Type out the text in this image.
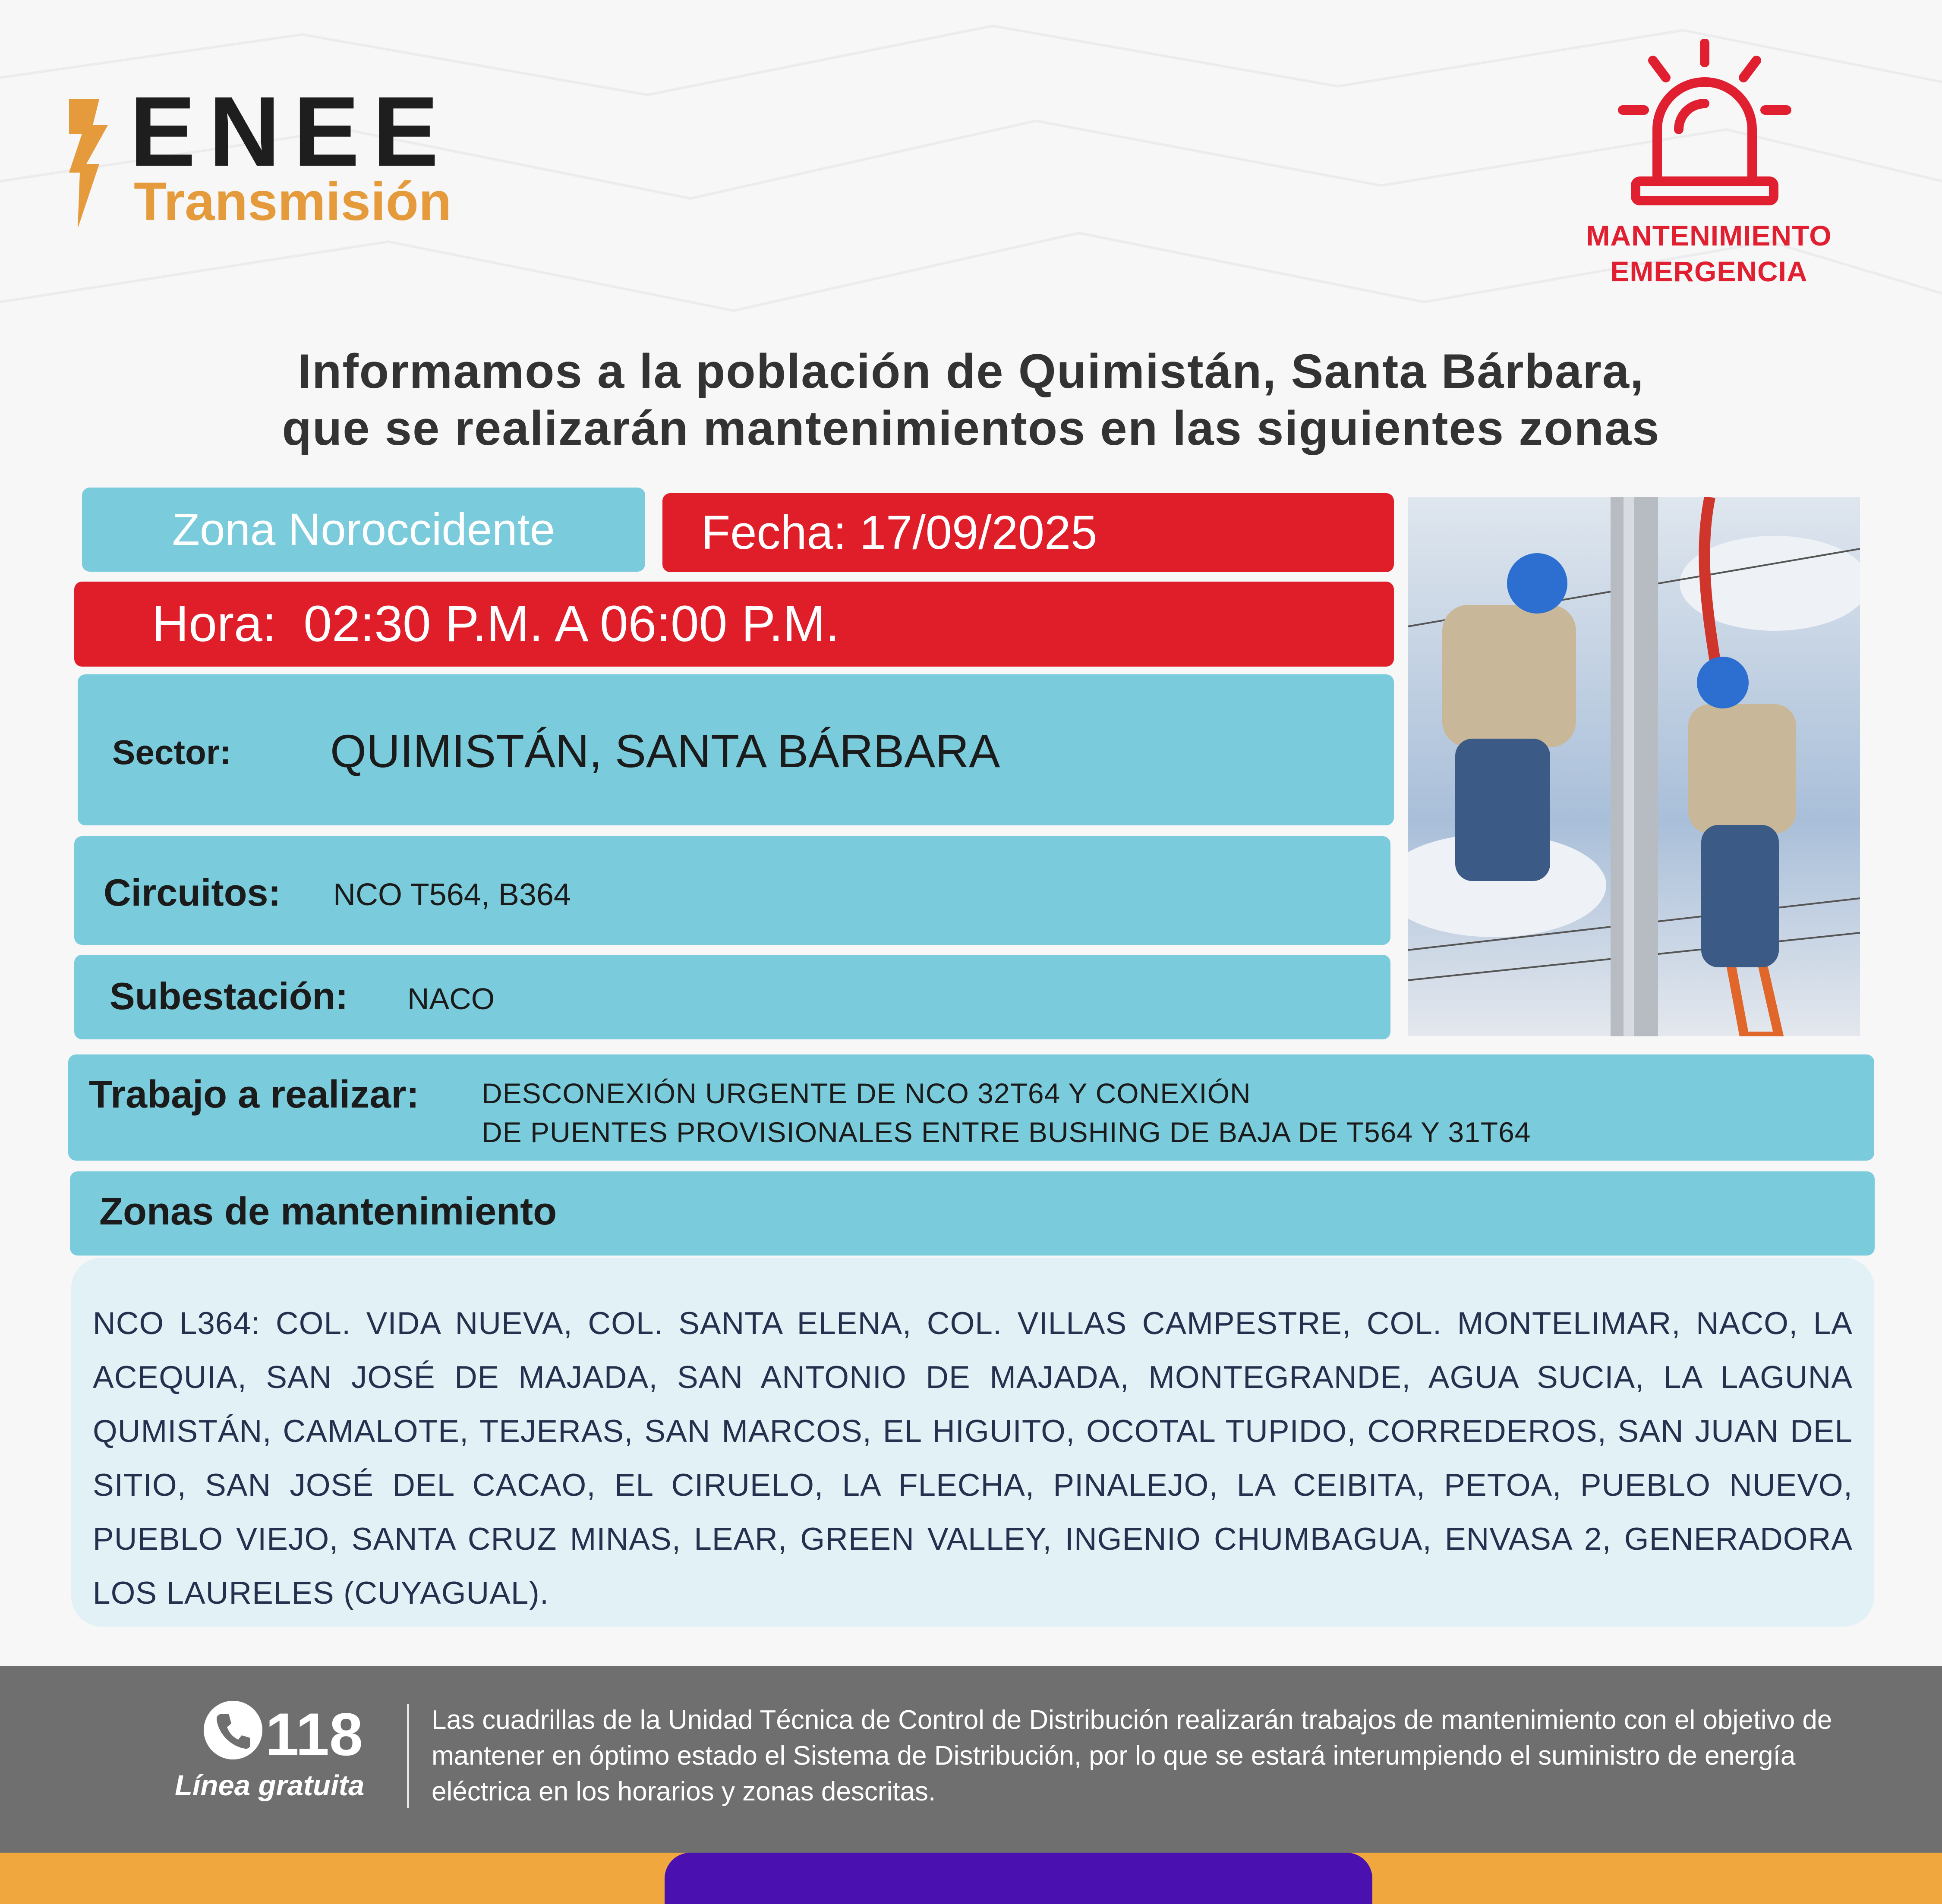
ENEE
Transmisión
MANTENIMIENTO
EMERGENCIA
Informamos a la población de Quimistán, Santa Bárbara,
que se realizarán mantenimientos en las siguientes zonas
Zona Noroccidente	Fecha: 17/09/2025
Hora: 02:30 P.M. A 06:00 P.M.
Sector: QUIMISTÁN, SANTA BÁRBARA
Circuitos: NCO T564, B364
Subestación: NACO
Trabajo a realizar: DESCONEXIÓN URGENTE DE NCO 32T64 Y CONEXIÓN
DE PUENTES PROVISIONALES ENTRE BUSHING DE BAJA DE T564 Y 31T64
Zonas de mantenimiento
NCO L364: COL. VIDA NUEVA, COL. SANTA ELENA, COL. VILLAS CAMPESTRE, COL. MONTELIMAR, NACO, LA ACEQUIA, SAN JOSÉ DE MAJADA, SAN ANTONIO DE MAJADA, MONTEGRANDE, AGUA SUCIA, LA LAGUNA QUMISTÁN, CAMALOTE, TEJERAS, SAN MARCOS, EL HIGUITO, OCOTAL TUPIDO, CORREDEROS, SAN JUAN DEL SITIO, SAN JOSÉ DEL CACAO, EL CIRUELO, LA FLECHA, PINALEJO, LA CEIBITA, PETOA, PUEBLO NUEVO, PUEBLO VIEJO, SANTA CRUZ MINAS, LEAR, GREEN VALLEY, INGENIO CHUMBAGUA, ENVASA 2, GENERADORA LOS LAURELES (CUYAGUAL).
118
Línea gratuita
Las cuadrillas de la Unidad Técnica de Control de Distribución realizarán trabajos de mantenimiento con el objetivo de mantener en óptimo estado el Sistema de Distribución, por lo que se estará interumpiendo el suministro de energía eléctrica en los horarios y zonas descritas.
